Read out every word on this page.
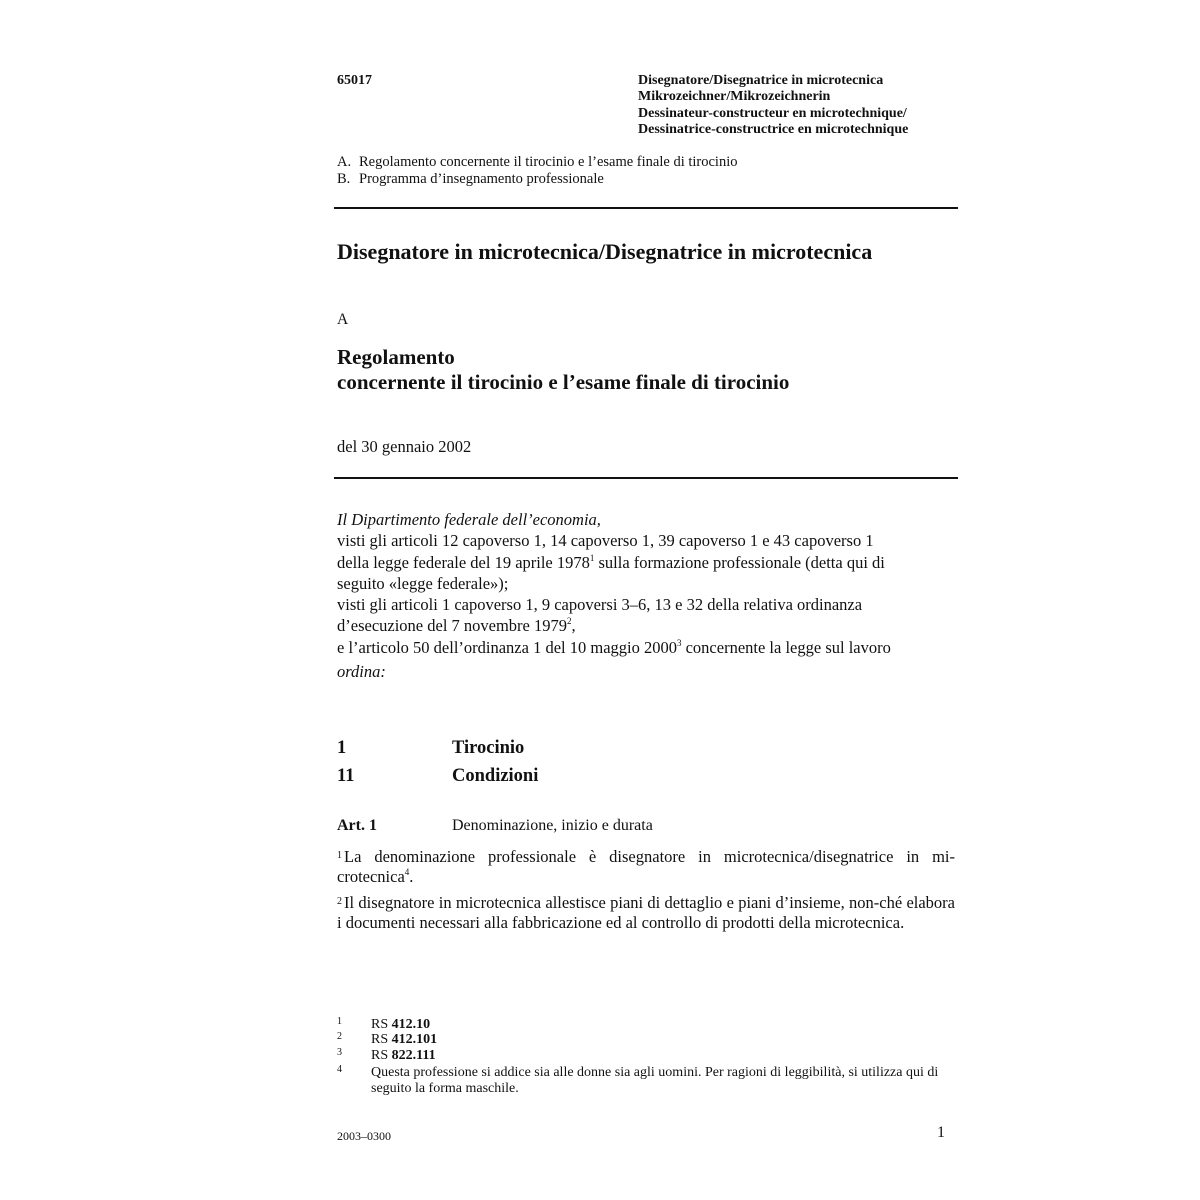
65017	Disegnatore/Disegnatrice in microtecnica
Mikrozeichner/Mikrozeichnerin
Dessinateur-constructeur en microtechnique/
Dessinatrice-constructrice en microtechnique
A. Regolamento concernente il tirocinio e l’esame finale di tirocinio
B. Programma d’insegnamento professionale
Disegnatore in microtecnica/Disegnatrice in microtecnica
A
Regolamento
concernente il tirocinio e l’esame finale di tirocinio
del 30 gennaio 2002

Il Dipartimento federale dell’economia,

visti gli articoli 12 capoverso 1, 14 capoverso 1, 39 capoverso 1 e 43 capoverso 1

della legge federale del 19 aprile 1978$^1$ sulla formazione professionale (detta qui di

seguito «legge federale»);

visti gli articoli 1 capoverso 1, 9 capoversi 3–6, 13 e 32 della relativa ordinanza

d’esecuzione del 7 novembre 1979$^2$,

e l’articolo 50 dell’ordinanza 1 del 10 maggio 2000$^3$ concernente la legge sul lavoro

ordina:
1	Tirocinio
11	Condizioni
Art. 1	Denominazione, inizio e durata
$^1$ La denominazione professionale è disegnatore in microtecnica/disegnatrice in mi-
crotecnica$^4$.
$^2$ Il disegnatore in microtecnica allestisce piani di dettaglio e piani d’insieme, non-ché elabora i documenti necessari alla fabbricazione ed al controllo di prodotti della microtecnica.
1 RS 412.10
2 RS 412.101
3 RS 822.111
4 Questa professione si addice sia alle donne sia agli uomini. Per ragioni di leggibilità, si utilizza qui di seguito la forma maschile.
2003–0300	1
